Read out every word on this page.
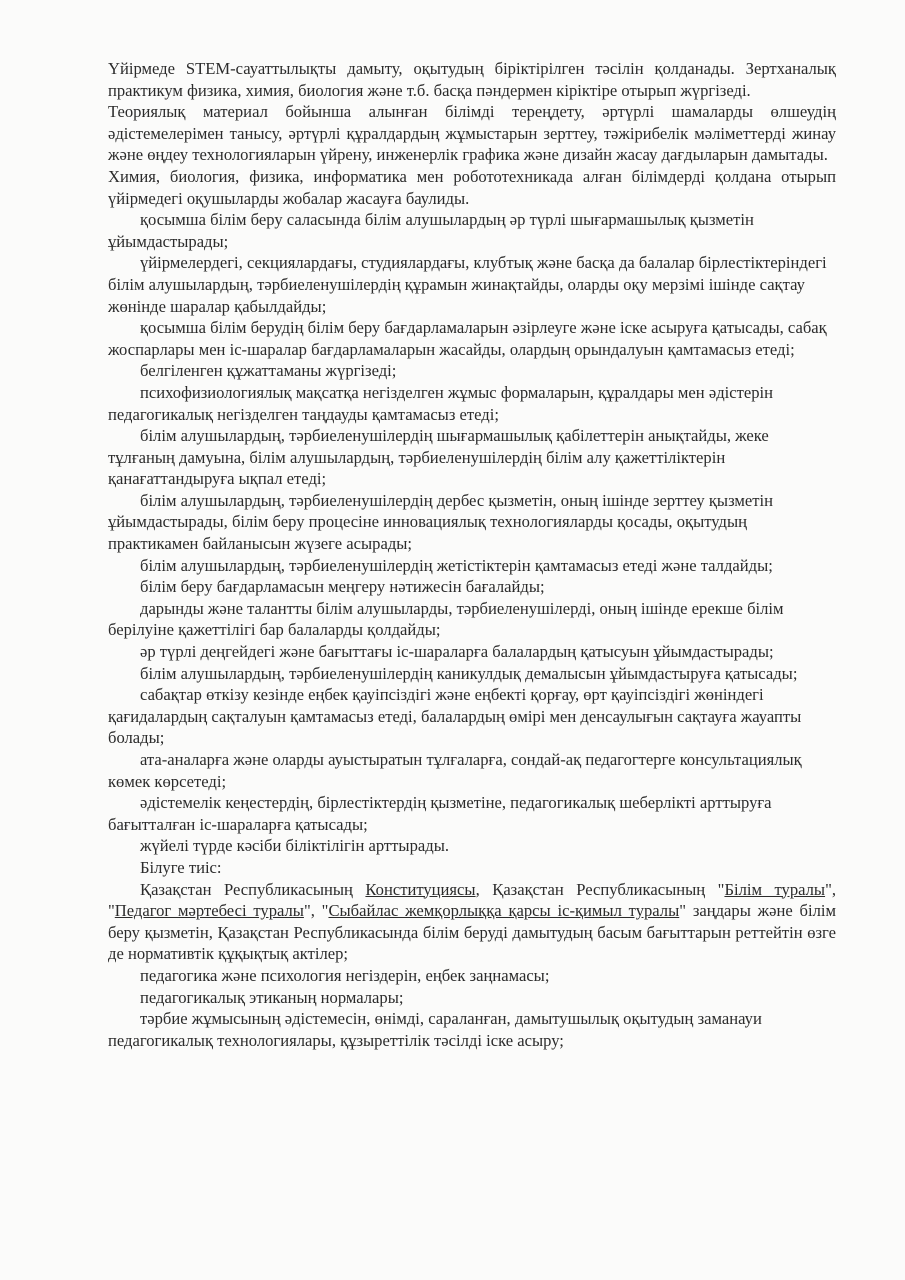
Үйірмеде STEM-сауаттылықты дамыту, оқытудың біріктірілген тәсілін қолданады. Зертханалық практикум физика, химия, биология және т.б. басқа пәндермен кіріктіре отырып жүргізеді.

Теориялық материал бойынша алынған білімді тереңдету, әртүрлі шамаларды өлшеудің әдістемелерімен танысу, әртүрлі құралдардың жұмыстарын зерттеу, тәжірибелік мәліметтерді жинау және өңдеу технологияларын үйрену, инженерлік графика және дизайн жасау дағдыларын дамытады.

Химия, биология, физика, информатика мен робототехникада алған білімдерді қолдана отырып үйірмедегі оқушыларды жобалар жасауға баулиды.

қосымша білім беру саласында білім алушылардың әр түрлі шығармашылық қызметін ұйымдастырады;

үйірмелердегі, секциялардағы, студиялардағы, клубтық және басқа да балалар бірлестіктеріндегі білім алушылардың, тәрбиеленушілердің құрамын жинақтайды, оларды оқу мерзімі ішінде сақтау жөнінде шаралар қабылдайды;

қосымша білім берудің білім беру бағдарламаларын әзірлеуге және іске асыруға қатысады, сабақ жоспарлары мен іс-шаралар бағдарламаларын жасайды, олардың орындалуын қамтамасыз етеді;

белгіленген құжаттаманы жүргізеді;

психофизиологиялық мақсатқа негізделген жұмыс формаларын, құралдары мен әдістерін педагогикалық негізделген таңдауды қамтамасыз етеді;

білім алушылардың, тәрбиеленушілердің шығармашылық қабілеттерін анықтайды, жеке тұлғаның дамуына, білім алушылардың, тәрбиеленушілердің білім алу қажеттіліктерін қанағаттандыруға ықпал етеді;

білім алушылардың, тәрбиеленушілердің дербес қызметін, оның ішінде зерттеу қызметін ұйымдастырады, білім беру процесіне инновациялық технологияларды қосады, оқытудың практикамен байланысын жүзеге асырады;

білім алушылардың, тәрбиеленушілердің жетістіктерін қамтамасыз етеді және талдайды;

білім беру бағдарламасын меңгеру нәтижесін бағалайды;

дарынды және талантты білім алушыларды, тәрбиеленушілерді, оның ішінде ерекше білім берілуіне қажеттілігі бар балаларды қолдайды;

әр түрлі деңгейдегі және бағыттағы іс-шараларға балалардың қатысуын ұйымдастырады;

білім алушылардың, тәрбиеленушілердің каникулдық демалысын ұйымдастыруға қатысады;

сабақтар өткізу кезінде еңбек қауіпсіздігі және еңбекті қорғау, өрт қауіпсіздігі жөніндегі қағидалардың сақталуын қамтамасыз етеді, балалардың өмірі мен денсаулығын сақтауға жауапты болады;

ата-аналарға және оларды ауыстыратын тұлғаларға, сондай-ақ педагогтерге консультациялық көмек көрсетеді;

әдістемелік кеңестердің, бірлестіктердің қызметіне, педагогикалық шеберлікті арттыруға бағытталған іс-шараларға қатысады;

жүйелі түрде кәсіби біліктілігін арттырады.

Білуге тиіс:

Қазақстан Республикасының Конституциясы, Қазақстан Республикасының "Білім туралы", "Педагог мәртебесі туралы", "Сыбайлас жемқорлыққа қарсы іс-қимыл туралы" заңдары және білім беру қызметін, Қазақстан Республикасында білім беруді дамытудың басым бағыттарын реттейтін өзге де нормативтік құқықтық актілер;

педагогика және психология негіздерін, еңбек заңнамасы;

педагогикалық этиканың нормалары;

тәрбие жұмысының әдістемесін, өнімді, сараланған, дамытушылық оқытудың заманауи педагогикалық технологиялары, құзыреттілік тәсілді іске асыру;
